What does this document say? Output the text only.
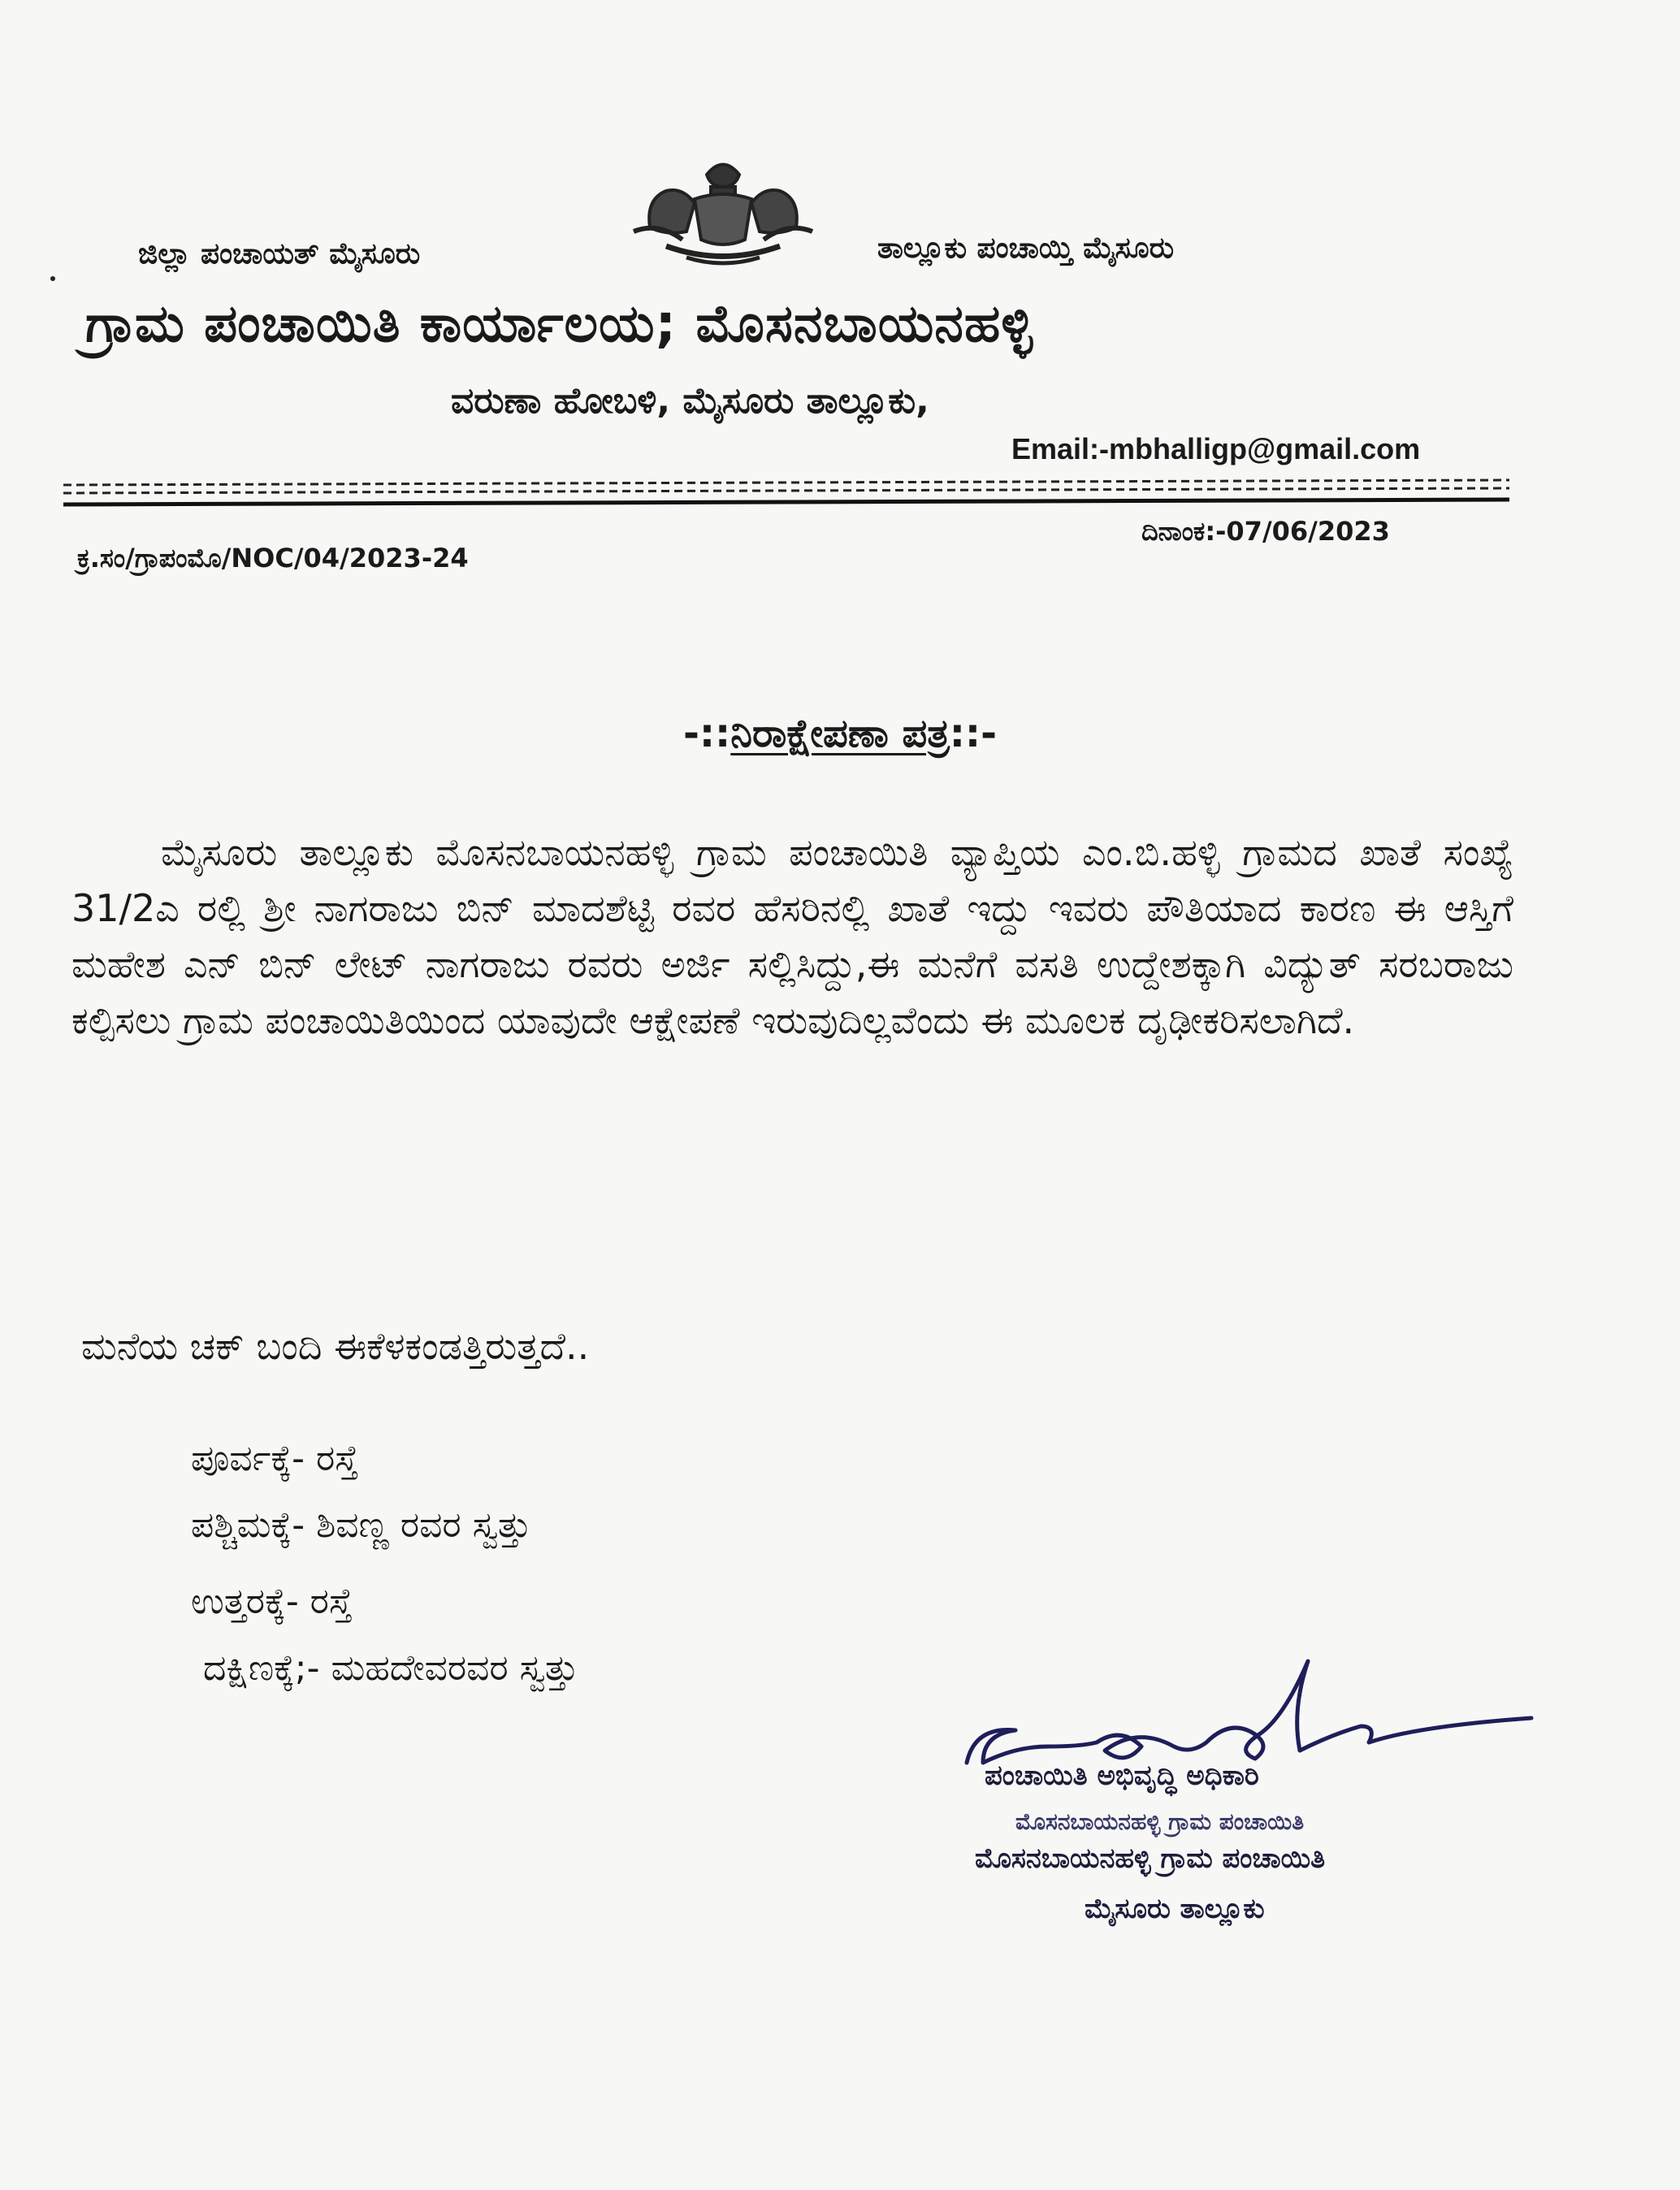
ಜಿಲ್ಲಾ ಪಂಚಾಯತ್ ಮೈಸೂರು	ತಾಲ್ಲೂಕು ಪಂಚಾಯ್ತಿ ಮೈಸೂರು
ಗ್ರಾಮ ಪಂಚಾಯಿತಿ ಕಾರ್ಯಾಲಯ; ಮೊಸನಬಾಯನಹಳ್ಳಿ
ವರುಣಾ ಹೋಬಳಿ, ಮೈಸೂರು ತಾಲ್ಲೂಕು,
Email:-mbhalligp@gmail.com
ದಿನಾಂಕ:-07/06/2023
ಕ್ರ.ಸಂ/ಗ್ರಾಪಂಮೊ/NOC/04/2023-24
-::ನಿರಾಕ್ಷೇಪಣಾ ಪತ್ರ::-
ಮೈಸೂರು ತಾಲ್ಲೂಕು ಮೊಸನಬಾಯನಹಳ್ಳಿ ಗ್ರಾಮ ಪಂಚಾಯಿತಿ ವ್ಯಾಪ್ತಿಯ ಎಂ.ಬಿ.ಹಳ್ಳಿ ಗ್ರಾಮದ ಖಾತೆ ಸಂಖ್ಯೆ 31/2ಎ ರಲ್ಲಿ ಶ್ರೀ ನಾಗರಾಜು ಬಿನ್ ಮಾದಶೆಟ್ಟಿ ರವರ ಹೆಸರಿನಲ್ಲಿ ಖಾತೆ ಇದ್ದು ಇವರು ಪೌತಿಯಾದ ಕಾರಣ ಈ ಆಸ್ತಿಗೆ ಮಹೇಶ ಎನ್ ಬಿನ್ ಲೇಟ್ ನಾಗರಾಜು ರವರು ಅರ್ಜಿ ಸಲ್ಲಿಸಿದ್ದು,ಈ ಮನೆಗೆ ವಸತಿ ಉದ್ದೇಶಕ್ಕಾಗಿ ವಿದ್ಯುತ್ ಸರಬರಾಜು ಕಲ್ಪಿಸಲು ಗ್ರಾಮ ಪಂಚಾಯಿತಿಯಿಂದ ಯಾವುದೇ ಆಕ್ಷೇಪಣೆ ಇರುವುದಿಲ್ಲವೆಂದು ಈ ಮೂಲಕ ದೃಢೀಕರಿಸಲಾಗಿದೆ.
ಮನೆಯ ಚಕ್ ಬಂದಿ ಈಕೆಳಕಂಡತ್ತಿರುತ್ತದೆ..
ಪೂರ್ವಕ್ಕೆ- ರಸ್ತೆ
ಪಶ್ಚಿಮಕ್ಕೆ- ಶಿವಣ್ಣ ರವರ ಸ್ವತ್ತು
ಉತ್ತರಕ್ಕೆ- ರಸ್ತೆ
ದಕ್ಷಿಣಕ್ಕೆ;- ಮಹದೇವರವರ ಸ್ವತ್ತು
ಪಂಚಾಯಿತಿ ಅಭಿವೃದ್ಧಿ ಅಧಿಕಾರಿ
ಮೊಸನಬಾಯನಹಳ್ಳಿ ಗ್ರಾಮ ಪಂಚಾಯಿತಿ
ಮೊಸನಬಾಯನಹಳ್ಳಿ ಗ್ರಾಮ ಪಂಚಾಯಿತಿ
ಮೈಸೂರು ತಾಲ್ಲೂಕು
